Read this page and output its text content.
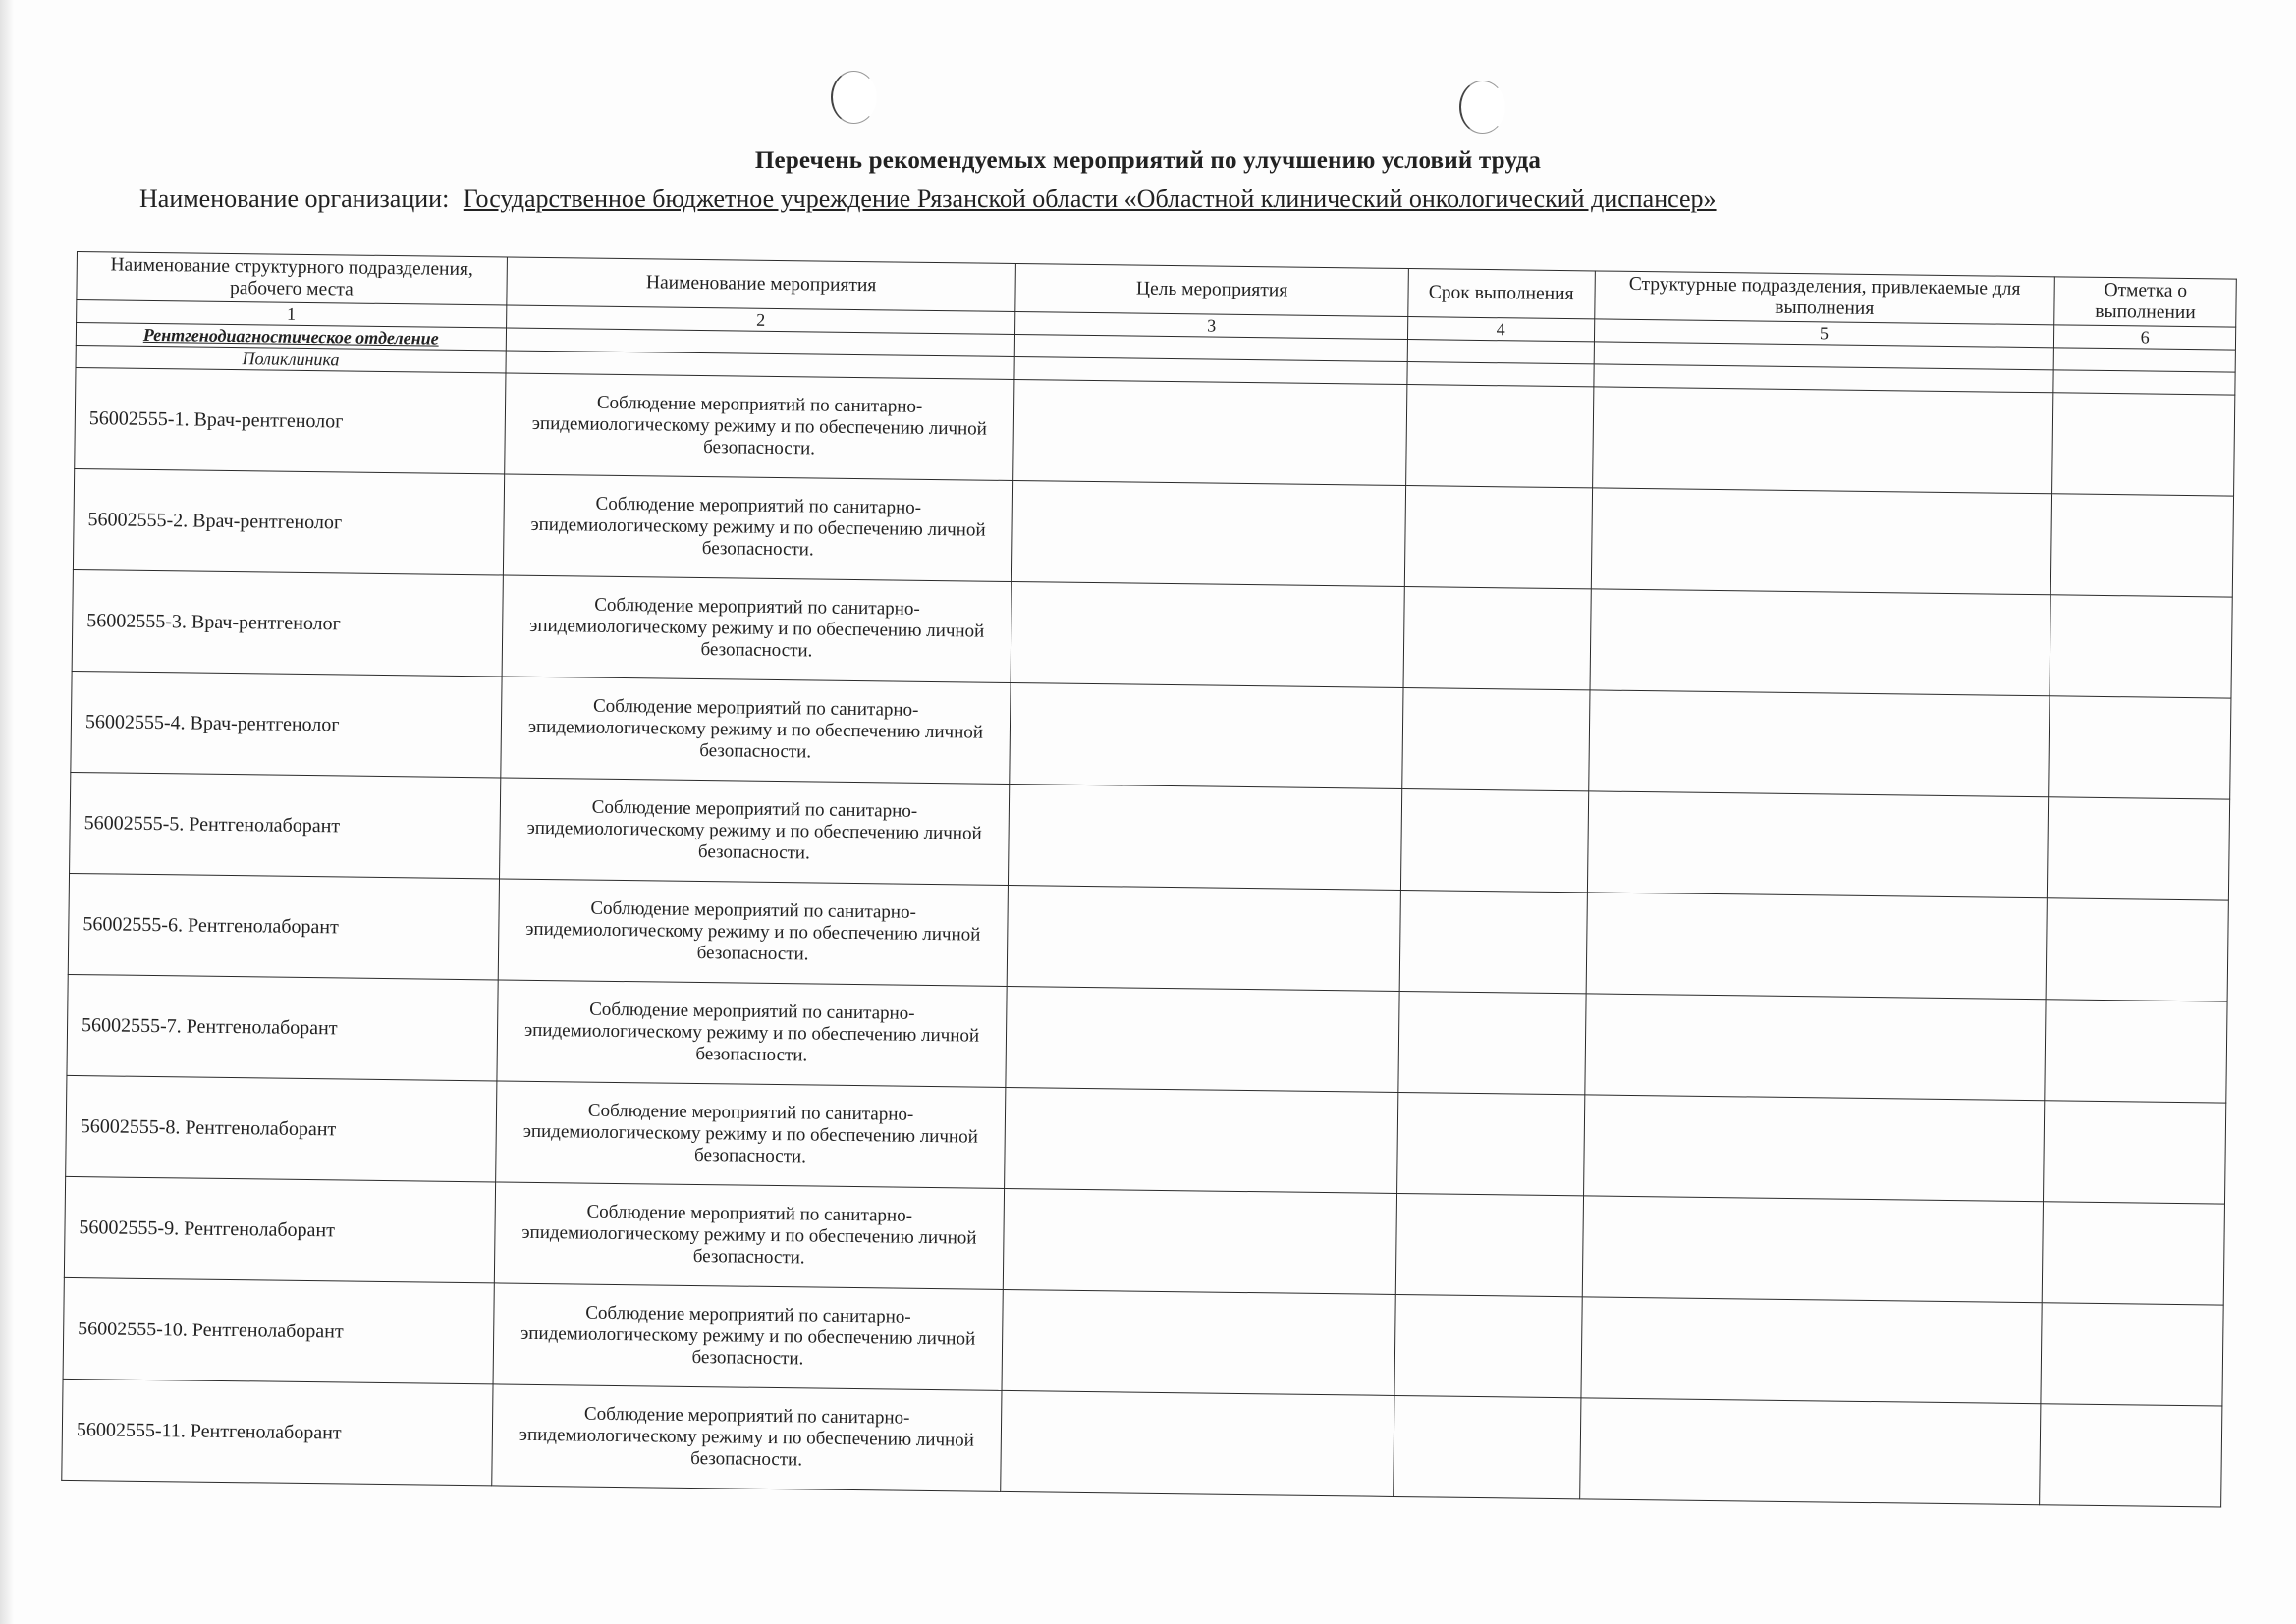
Перечень рекомендуемых мероприятий по улучшению условий труда
Наименование организации: Государственное бюджетное учреждение Рязанской области «Областной клинический онкологический диспансер»
Наименование структурного подразделения, рабочего места	Наименование мероприятия	Цель мероприятия	Срок выполнения	Структурные подразделения, привлекаемые для выполнения	Отметка о выполнении
1	2	3	4	5	6
Рентгенодиагностическое отделение					
Поликлиника					
56002555-1. Врач-рентгенолог	Соблюдение мероприятий по санитарно-эпидемиологическому режиму и по обеспечению личной безопасности.				
56002555-2. Врач-рентгенолог	Соблюдение мероприятий по санитарно-эпидемиологическому режиму и по обеспечению личной безопасности.				
56002555-3. Врач-рентгенолог	Соблюдение мероприятий по санитарно-эпидемиологическому режиму и по обеспечению личной безопасности.				
56002555-4. Врач-рентгенолог	Соблюдение мероприятий по санитарно-эпидемиологическому режиму и по обеспечению личной безопасности.				
56002555-5. Рентгенолаборант	Соблюдение мероприятий по санитарно-эпидемиологическому режиму и по обеспечению личной безопасности.				
56002555-6. Рентгенолаборант	Соблюдение мероприятий по санитарно-эпидемиологическому режиму и по обеспечению личной безопасности.				
56002555-7. Рентгенолаборант	Соблюдение мероприятий по санитарно-эпидемиологическому режиму и по обеспечению личной безопасности.				
56002555-8. Рентгенолаборант	Соблюдение мероприятий по санитарно-эпидемиологическому режиму и по обеспечению личной безопасности.				
56002555-9. Рентгенолаборант	Соблюдение мероприятий по санитарно-эпидемиологическому режиму и по обеспечению личной безопасности.				
56002555-10. Рентгенолаборант	Соблюдение мероприятий по санитарно-эпидемиологическому режиму и по обеспечению личной безопасности.				
56002555-11. Рентгенолаборант	Соблюдение мероприятий по санитарно-эпидемиологическому режиму и по обеспечению личной безопасности.				
